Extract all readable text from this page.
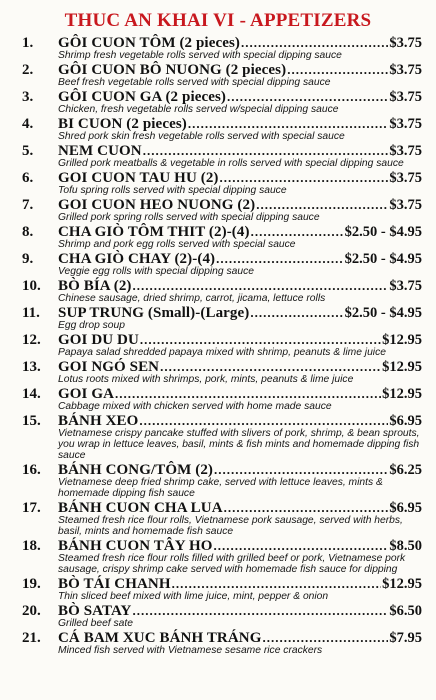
THUC AN KHAI VI - APPETIZERS
1. GÔI CUON TÔM (2 pieces) .....	$3.75
Shrimp fresh vegetable rolls served with special dipping sauce
2. GÔI CUON BÔ NUONG (2 pieces) .....	$3.75
Beef fresh vegetable rolls served with special dipping sauce
3. GÔI CUON GA (2 pieces) .....	$3.75
Chicken, fresh vegetable rolls served w/special dipping sauce
4. BI CUON (2 pieces) .....	$3.75
Shred pork skin fresh vegetable rolls served with special sauce
5. NEM CUON .....	$3.75
Grilled pork meatballs & vegetable in rolls served with special dipping sauce
6. GOI CUON TAU HU (2) .....	$3.75
Tofu spring rolls served with special dipping sauce
7. GOI CUON HEO NUONG (2) .....	$3.75
Grilled pork spring rolls served with special dipping sauce
8. CHA GIÒ TÔM THIT (2)-(4) .....	$2.50 - $4.95
Shrimp and pork egg rolls served with special sauce
9. CHA GIÒ CHAY (2)-(4) .....	$2.50 - $4.95
Veggie egg rolls with special dipping sauce
10. BÒ BÍA (2) .....	$3.75
Chinese sausage, dried shrimp, carrot, jicama, lettuce rolls
11. SUP TRUNG (Small)-(Large) .....	$2.50 - $4.95
Egg drop soup
12. GOI DU DU .....	$12.95
Papaya salad shredded papaya mixed with shrimp, peanuts & lime juice
13. GOI NGÓ SEN .....	$12.95
Lotus roots mixed with shrimps, pork, mints, peanuts & lime juice
14. GOI GA .....	$12.95
Cabbage mixed with chicken served with home made sauce
15. BÁNH XEO .....	$6.95
Vietnamese crispy pancake stuffed with slivers of pork, shrimp, & bean sprouts, you wrap in lettuce leaves, basil, mints & fish mints and homemade dipping fish sauce
16. BÁNH CONG/TÔM (2) .....	$6.25
Vietnamese deep fried shrimp cake, served with lettuce leaves, mints & homemade dipping fish sauce
17. BÁNH CUON CHA LUA .....	$6.95
Steamed fresh rice flour rolls, Vietnamese pork sausage, served with herbs, basil, mints and homemade fish sauce
18. BÁNH CUON TÂY HO .....	$8.50
Steamed fresh rice flour rolls filled with grilled beef or pork, Vietnamese pork sausage, crispy shrimp cake served with homemade fish sauce for dipping
19. BÒ TÁI CHANH .....	$12.95
Thin sliced beef mixed with lime juice, mint, pepper & onion
20. BÒ SATAY .....	$6.50
Grilled beef sate
21. CÁ BAM XUC BÁNH TRÁNG .....	$7.95
Minced fish served with Vietnamese sesame rice crackers
